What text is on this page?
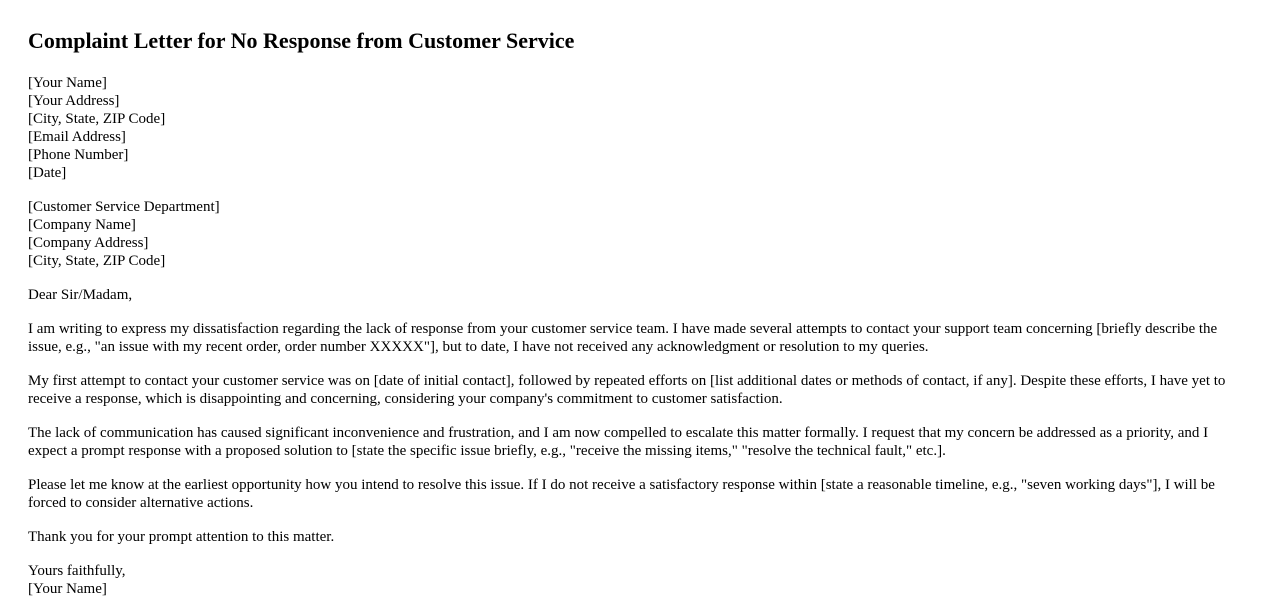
Complaint Letter for No Response from Customer Service
[Your Name]
[Your Address]
[City, State, ZIP Code]
[Email Address]
[Phone Number]
[Date]
[Customer Service Department]
[Company Name]
[Company Address]
[City, State, ZIP Code]

Dear Sir/Madam,

I am writing to express my dissatisfaction regarding the lack of response from your customer service team. I have made several attempts to contact your support team concerning [briefly describe the issue, e.g., "an issue with my recent order, order number XXXXX"], but to date, I have not received any acknowledgment or resolution to my queries.

My first attempt to contact your customer service was on [date of initial contact], followed by repeated efforts on [list additional dates or methods of contact, if any]. Despite these efforts, I have yet to receive a response, which is disappointing and concerning, considering your company's commitment to customer satisfaction.

The lack of communication has caused significant inconvenience and frustration, and I am now compelled to escalate this matter formally. I request that my concern be addressed as a priority, and I expect a prompt response with a proposed solution to [state the specific issue briefly, e.g., "receive the missing items," "resolve the technical fault," etc.].

Please let me know at the earliest opportunity how you intend to resolve this issue. If I do not receive a satisfactory response within [state a reasonable timeline, e.g., "seven working days"], I will be forced to consider alternative actions.

Thank you for your prompt attention to this matter.

Yours faithfully,
[Your Name]
